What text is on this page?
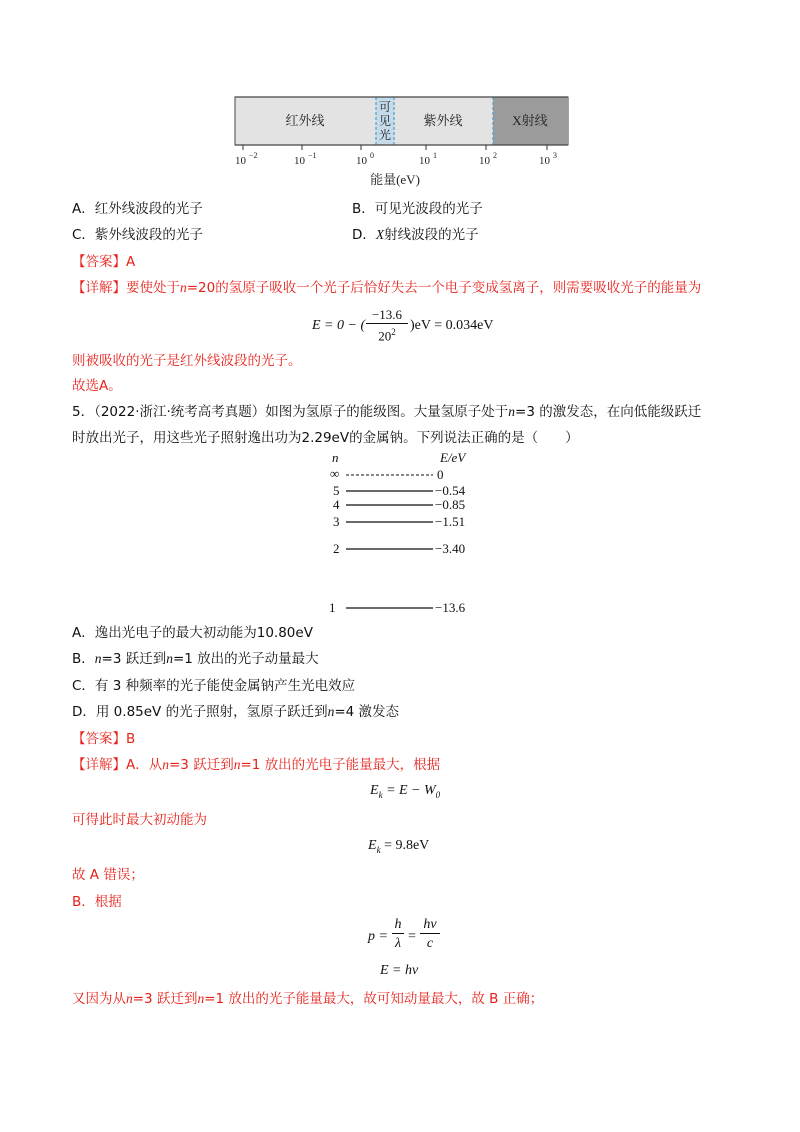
红外线
可
见
光
紫外线	X射线
10 −2	10 −1	10 0	10 1	10 2	10 3
能量(eV)
A．红外线波段的光子	B．可见光波段的光子
C．紫外线波段的光子	D．X射线波段的光子
【答案】A
【详解】要使处于n=20的氢原子吸收一个光子后恰好失去一个电子变成氢离子，则需要吸收光子的能量为
E = 0 − (
−13.6
$20^2$	)eV = 0.034eV
则被吸收的光子是红外线波段的光子。
故选A。
5．（2022·浙江·统考高考真题）如图为氢原子的能级图。大量氢原子处于n=3 的激发态，在向低能级跃迁
时放出光子，用这些光子照射逸出功为2.29eV的金属钠。下列说法正确的是（　　）
n	E/eV
∞	0
5	−0.54
4	−0.85
3	−1.51
2	−3.40
1	−13.6
A．逸出光电子的最大初动能为10.80eV
B．n=3 跃迁到n=1 放出的光子动量最大
C．有 3 种频率的光子能使金属钠产生光电效应
D．用 0.85eV 的光子照射，氢原子跃迁到n=4 激发态
【答案】B
【详解】A．从n=3 跃迁到n=1 放出的光电子能量最大，根据
$E_k = E - W_0$
可得此时最大初动能为
$E_k = 9.8eV$
故 A 错误；
B．根据
p =
h
λ =
hν
c
E = hν
又因为从n=3 跃迁到n=1 放出的光子能量最大，故可知动量最大，故 B 正确；
